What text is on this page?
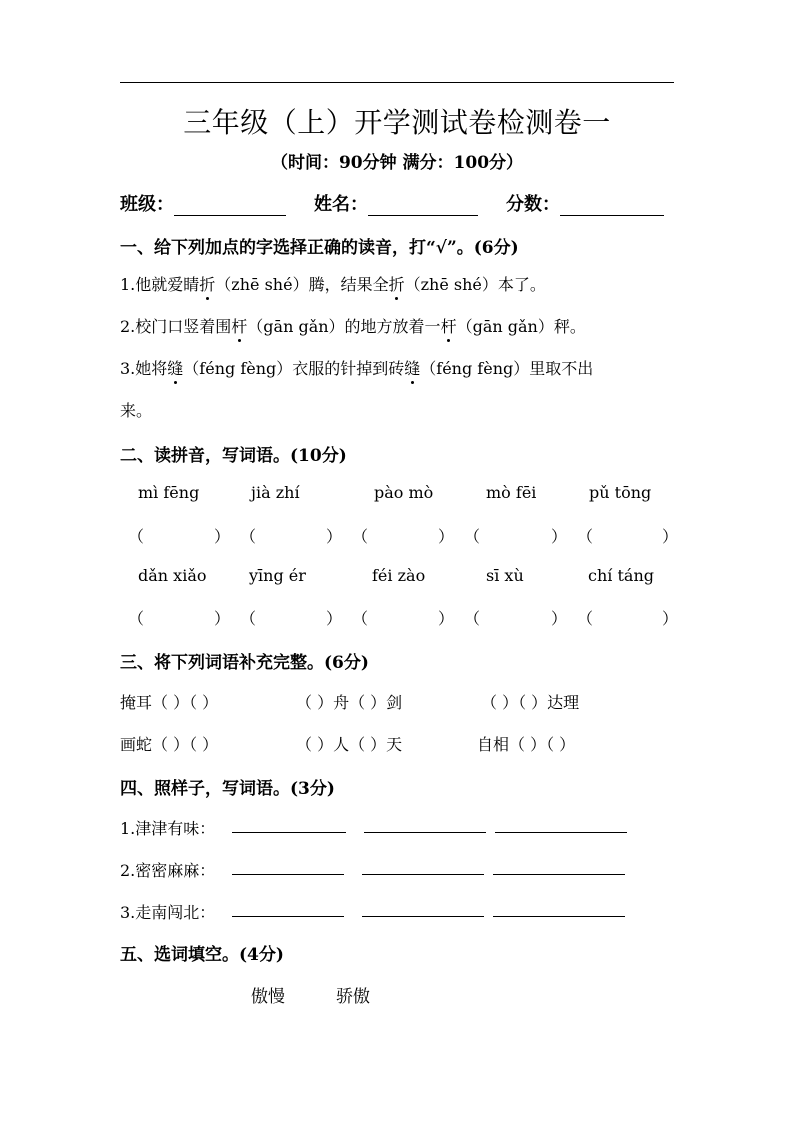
三年级（上）开学测试卷检测卷一
（时间：90分钟 满分：100分）
班级：	姓名：	分数：
一、给下列加点的字选择正确的读音，打“√”。(6分)
1.他就爱睛折（zhē shé）腾，结果全折（zhē shé）本了。
2.校门口竖着围杆（gān gǎn）的地方放着一杆（gān gǎn）秤。
3.她将缝（féng fèng）衣服的针掉到砖缝（féng fèng）里取不出
来。
二、读拼音，写词语。(10分)
mì fēng	jià zhí	pào mò	mò fēi	pǔ tōng
（	） （	） （	） （	） （	）
dǎn xiǎo	yīng ér	féi zào	sī xù	chí táng
（	） （	） （	） （	） （	）
三、将下列词语补充完整。(6分)
掩耳（ ）（ ）	（ ）舟（ ）剑	（ ）（ ）达理
画蛇（ ）（ ）	（ ）人（ ）天	自相（ ）（ ）
四、照样子，写词语。(3分)
1.津津有味：
2.密密麻麻：
3.走南闯北：
五、选词填空。(4分)
傲慢	骄傲
